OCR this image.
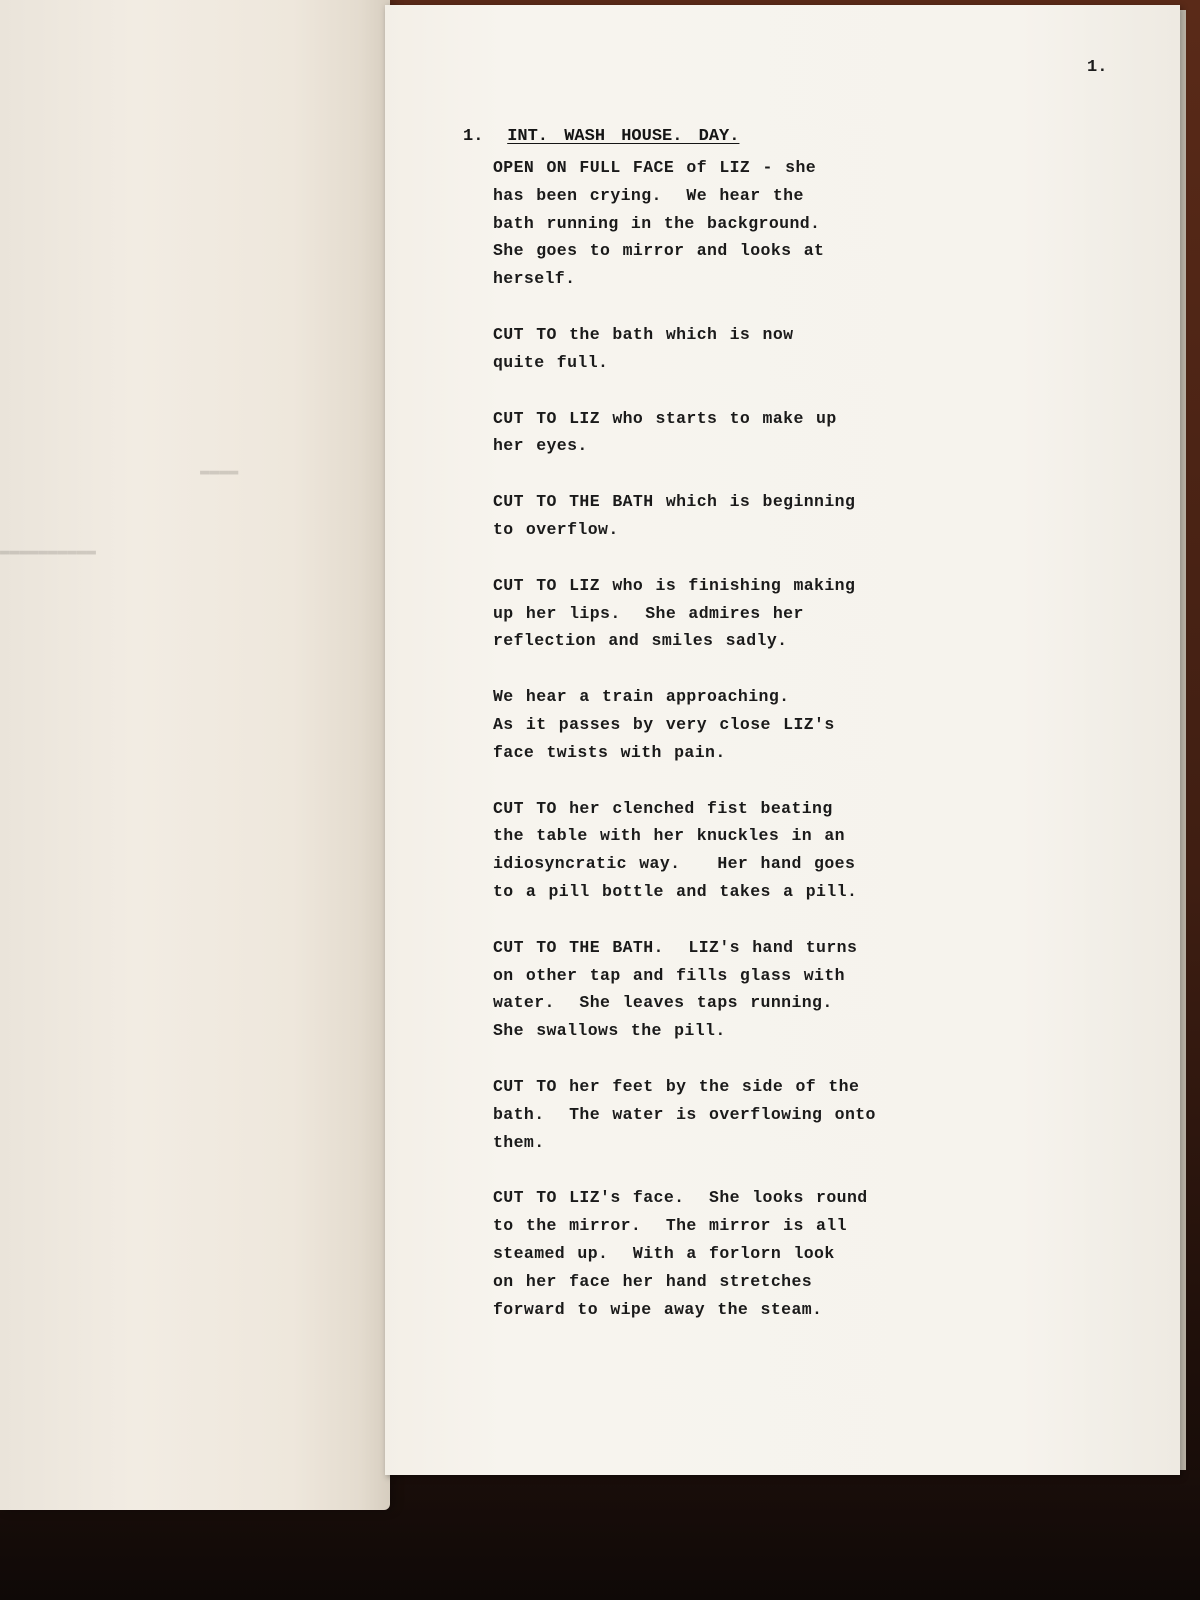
▬▬▬▬
▬▬▬▬▬▬▬▬▬▬
1.
1. INT. WASH HOUSE. DAY.
OPEN ON FULL FACE of LIZ - she
has been crying.  We hear the
bath running in the background.
She goes to mirror and looks at
herself.
CUT TO the bath which is now
quite full.
CUT TO LIZ who starts to make up
her eyes.
CUT TO THE BATH which is beginning
to overflow.
CUT TO LIZ who is finishing making
up her lips.  She admires her
reflection and smiles sadly.
We hear a train approaching.
As it passes by very close LIZ's
face twists with pain.
CUT TO her clenched fist beating
the table with her knuckles in an
idiosyncratic way.   Her hand goes
to a pill bottle and takes a pill.
CUT TO THE BATH.  LIZ's hand turns
on other tap and fills glass with
water.  She leaves taps running.
She swallows the pill.
CUT TO her feet by the side of the
bath.  The water is overflowing onto
them.
CUT TO LIZ's face.  She looks round
to the mirror.  The mirror is all
steamed up.  With a forlorn look
on her face her hand stretches
forward to wipe away the steam.
